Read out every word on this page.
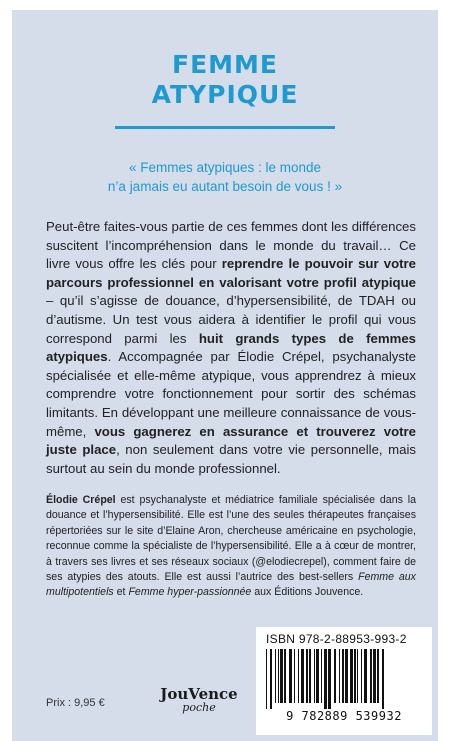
FEMME
ATYPIQUE
« Femmes atypiques : le monde
n’a jamais eu autant besoin de vous ! »
Peut-être faites-vous partie de ces femmes dont les différences suscitent l’incompréhension dans le monde du travail… Ce livre vous offre les clés pour reprendre le pouvoir sur votre parcours professionnel en valorisant votre profil atypique – qu’il s’agisse de douance, d’hypersensibilité, de TDAH ou d’autisme. Un test vous aidera à identifier le profil qui vous correspond parmi les huit grands types de femmes atypiques. Accompagnée par Élodie Crépel, psychanalyste spécialisée et elle-même atypique, vous apprendrez à mieux comprendre votre fonctionnement pour sortir des schémas limitants. En développant une meilleure connaissance de vous-même, vous gagnerez en assurance et trouverez votre juste place, non seulement dans votre vie personnelle, mais surtout au sein du monde professionnel.
Élodie Crépel est psychanalyste et médiatrice familiale spécialisée dans la douance et l’hypersensibilité. Elle est l’une des seules thérapeutes françaises répertoriées sur le site d’Elaine Aron, chercheuse américaine en psychologie, reconnue comme la spécialiste de l’hypersensibilité. Elle a à cœur de montrer, à travers ses livres et ses réseaux sociaux (@elodiecrepel), comment faire de ses atypies des atouts. Elle est aussi l’autrice des best-sellers Femme aux multipotentiels et Femme hyper-passionnée aux Éditions Jouvence.
Prix : 9,95 €	JouVence
poche
ISBN 978-2-88953-993-2
9 782889 539932
